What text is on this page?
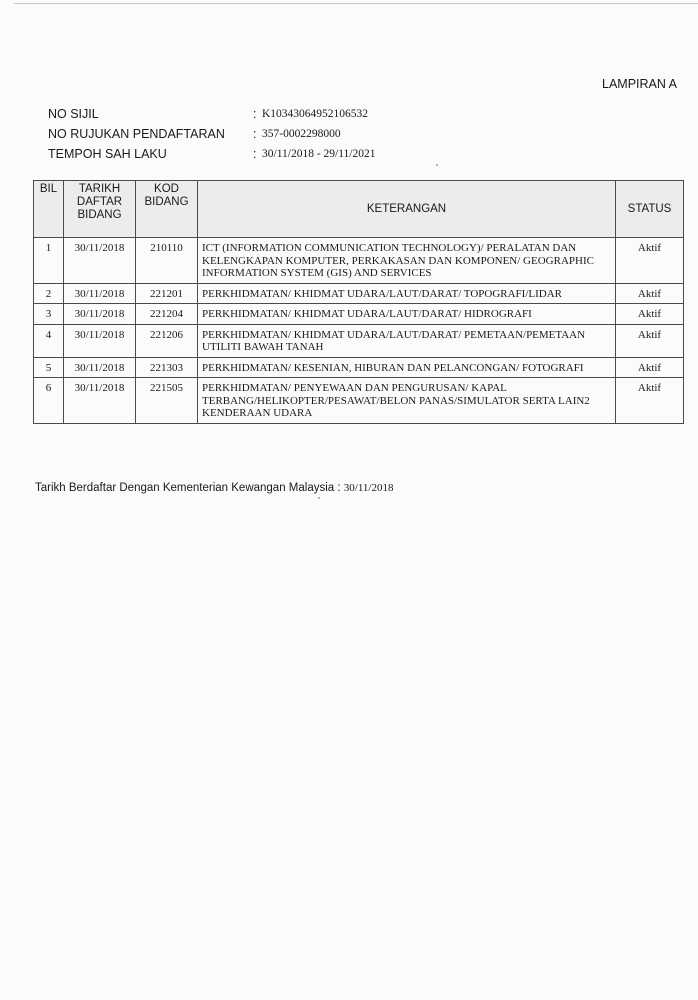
LAMPIRAN A
NO SIJIL	: K10343064952106532
NO RUJUKAN PENDAFTARAN : 357-0002298000
TEMPOH SAH LAKU	: 30/11/2018 - 29/11/2021
BIL	TARIKH DAFTAR BIDANG	KOD BIDANG	KETERANGAN	STATUS
1	30/11/2018	210110	ICT (INFORMATION COMMUNICATION TECHNOLOGY)/ PERALATAN DAN KELENGKAPAN KOMPUTER, PERKAKASAN DAN KOMPONEN/ GEOGRAPHIC INFORMATION SYSTEM (GIS) AND SERVICES	Aktif
2	30/11/2018	221201	PERKHIDMATAN/ KHIDMAT UDARA/LAUT/DARAT/ TOPOGRAFI/LIDAR	Aktif
3	30/11/2018	221204	PERKHIDMATAN/ KHIDMAT UDARA/LAUT/DARAT/ HIDROGRAFI	Aktif
4	30/11/2018	221206	PERKHIDMATAN/ KHIDMAT UDARA/LAUT/DARAT/ PEMETAAN/PEMETAAN UTILITI BAWAH TANAH	Aktif
5	30/11/2018	221303	PERKHIDMATAN/ KESENIAN, HIBURAN DAN PELANCONGAN/ FOTOGRAFI	Aktif
6	30/11/2018	221505	PERKHIDMATAN/ PENYEWAAN DAN PENGURUSAN/ KAPAL TERBANG/HELIKOPTER/PESAWAT/BELON PANAS/SIMULATOR SERTA LAIN2 KENDERAAN UDARA	Aktif
Tarikh Berdaftar Dengan Kementerian Kewangan Malaysia : 30/11/2018
